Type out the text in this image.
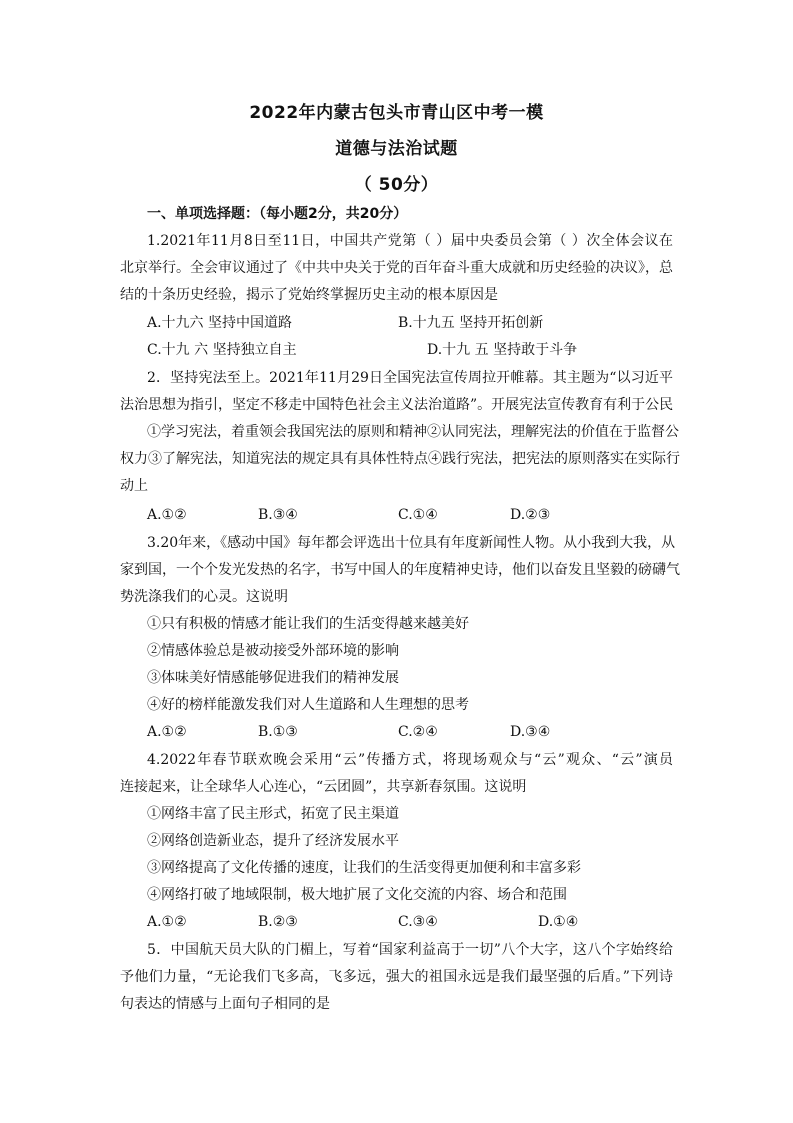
2022年内蒙古包头市青山区中考一模
道德与法治试题
（ 50分）
一、单项选择题：（每小题2分，共20分）
1.2021年11月8日至11日，中国共产党第（ ）届中央委员会第（ ）次全体会议在
北京举行。全会审议通过了《中共中央关于党的百年奋斗重大成就和历史经验的决议》，总
结的十条历史经验，揭示了党始终掌握历史主动的根本原因是
A.十九六 坚持中国道路	B.十九五 坚持开拓创新
C.十九 六 坚持独立自主	D.十九 五 坚持敢于斗争
2．坚持宪法至上。2021年11月29日全国宪法宣传周拉开帷幕。其主题为“以习近平
法治思想为指引，坚定不移走中国特色社会主义法治道路”。开展宪法宣传教育有利于公民
①学习宪法，着重领会我国宪法的原则和精神②认同宪法，理解宪法的价值在于监督公
权力③了解宪法，知道宪法的规定具有具体性特点④践行宪法，把宪法的原则落实在实际行
动上
A.①②	B.③④	C.①④	D.②③
3.20年来，《感动中国》每年都会评选出十位具有年度新闻性人物。从小我到大我，从
家到国，一个个发光发热的名字，书写中国人的年度精神史诗，他们以奋发且坚毅的磅礴气
势洗涤我们的心灵。这说明
①只有积极的情感才能让我们的生活变得越来越美好
②情感体验总是被动接受外部环境的影响
③体味美好情感能够促进我们的精神发展
④好的榜样能激发我们对人生道路和人生理想的思考
A.①②	B.①③	C.②④	D.③④
4.2022年春节联欢晚会采用“云”传播方式，将现场观众与“云”观众、“云”演员
连接起来，让全球华人心连心，“云团圆”，共享新春氛围。这说明
①网络丰富了民主形式，拓宽了民主渠道
②网络创造新业态，提升了经济发展水平
③网络提高了文化传播的速度，让我们的生活变得更加便利和丰富多彩
④网络打破了地域限制，极大地扩展了文化交流的内容、场合和范围
A.①②	B.②③	C.③④	D.①④
5．中国航天员大队的门楣上，写着“国家利益高于一切”八个大字，这八个字始终给
予他们力量，“无论我们飞多高，飞多远，强大的祖国永远是我们最坚强的后盾。”下列诗
句表达的情感与上面句子相同的是
